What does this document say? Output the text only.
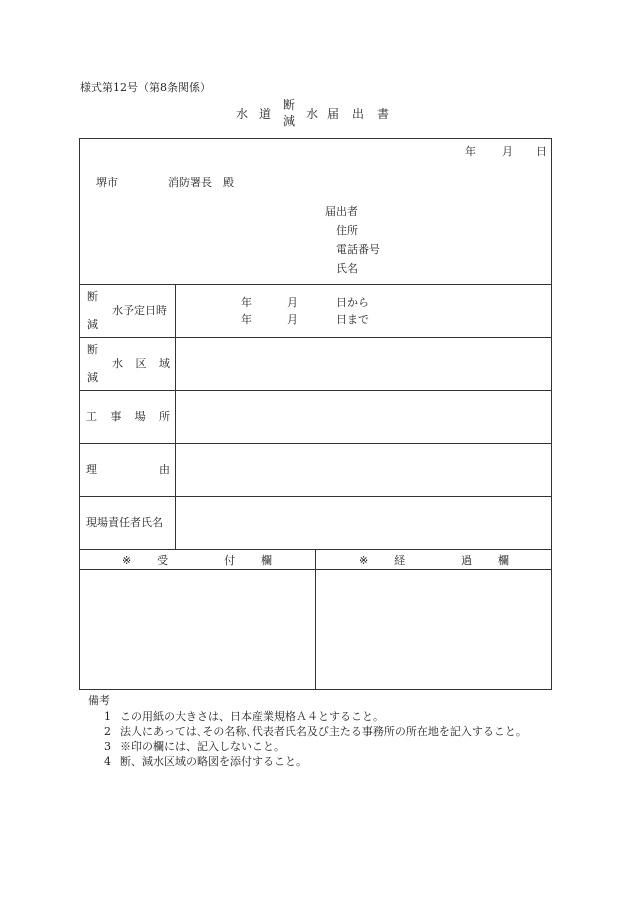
様式第12号（第8条関係）
水 道
断
減 水 届 出 書
年 月 日
堺市	消防署長 殿
届出者
住所
電話番号
氏名
断
水予定日時
減
年	月	日から
年	月	日まで
断
水 区 域
減
工 事 場 所
理	由
現場責任者氏名
※ 受	付 欄	※ 経	過 欄
備考
1 この用紙の大きさは、日本産業規格Ａ４とすること。
2 法人にあっては､その名称､代表者氏名及び主たる事務所の所在地を記入すること。
3 ※印の欄には、記入しないこと。
4 断、減水区域の略図を添付すること。
